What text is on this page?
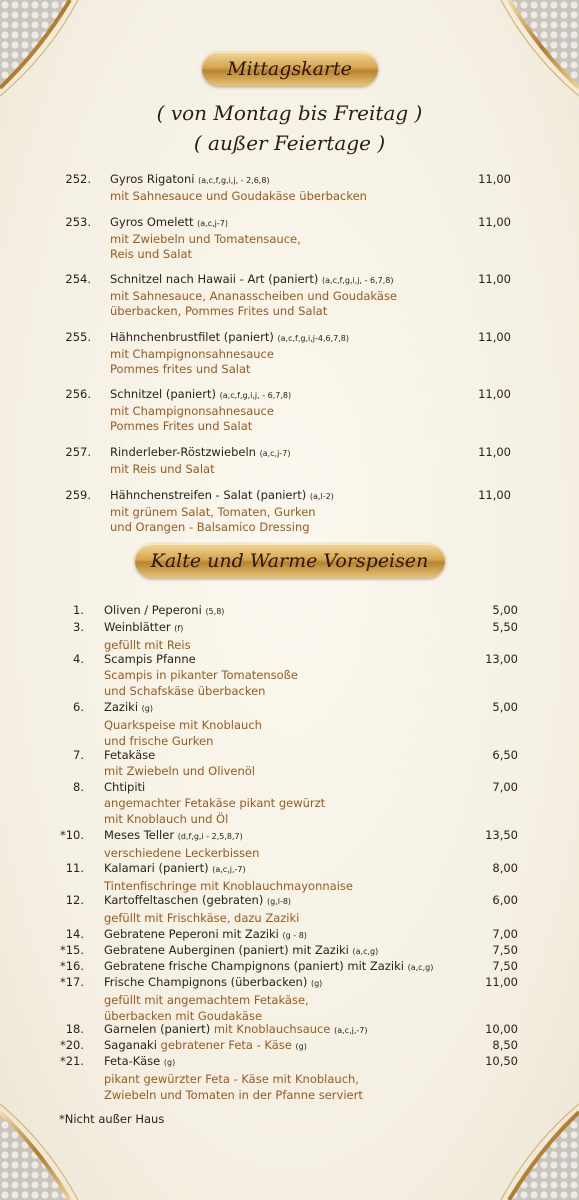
Mittagskarte
( von Montag bis Freitag )
( außer Feiertage )
252. Gyros Rigatoni (a,c,f,g,i,j, - 2,6,8)
mit Sahnesauce und Goudakäse überbacken
11,00
253. Gyros Omelett (a,c,j-7)
mit Zwiebeln und Tomatensauce,
Reis und Salat
11,00
254. Schnitzel nach Hawaii - Art (paniert) (a,c,f,g,i,j, - 6,7,8)
mit Sahnesauce, Ananasscheiben und Goudakäse
überbacken, Pommes Frites und Salat
11,00
255. Hähnchenbrustfilet (paniert) (a,c,f,g,i,j-4,6,7,8)
mit Champignonsahnesauce
Pommes frites und Salat
11,00
256. Schnitzel (paniert) (a,c,f,g,i,j, - 6,7,8)
mit Champignonsahnesauce
Pommes Frites und Salat
11,00
257. Rinderleber-Röstzwiebeln (a,c,j-7)
mit Reis und Salat
11,00
259. Hähnchenstreifen - Salat (paniert) (a,l-2)
mit grünem Salat, Tomaten, Gurken
und Orangen - Balsamico Dressing
11,00
Kalte und Warme Vorspeisen
1. Oliven / Peperoni (5,8)	5,00
3. Weinblätter (f)
gefüllt mit Reis
5,50
4. Scampis Pfanne
Scampis in pikanter Tomatensoße
und Schafskäse überbacken
13,00
6. Zaziki (g)
Quarkspeise mit Knoblauch
und frische Gurken
5,00
7. Fetakäse
mit Zwiebeln und Olivenöl
6,50
8. Chtipiti
angemachter Fetakäse pikant gewürzt
mit Knoblauch und Öl
7,00
*10. Meses Teller (d,f,g,i - 2,5,8,7)
verschiedene Leckerbissen
13,50
11. Kalamari (paniert) (a,c,j,-7)
Tintenfischringe mit Knoblauchmayonnaise
8,00
12. Kartoffeltaschen (gebraten) (g,l-8)
gefüllt mit Frischkäse, dazu Zaziki
6,00
14. Gebratene Peperoni mit Zaziki (g - 8)	7,00
*15. Gebratene Auberginen (paniert) mit Zaziki (a,c,g)	7,50
*16. Gebratene frische Champignons (paniert) mit Zaziki (a,c,g)	7,50
*17. Frische Champignons (überbacken) (g)
gefüllt mit angemachtem Fetakäse,
überbacken mit Goudakäse
11,00
18. Garnelen (paniert) mit Knoblauchsauce (a,c,j,-7)	10,00
*20. Saganaki gebratener Feta - Käse (g)	8,50
*21. Feta-Käse (g)
pikant gewürzter Feta - Käse mit Knoblauch,
Zwiebeln und Tomaten in der Pfanne serviert
10,50
*Nicht außer Haus
